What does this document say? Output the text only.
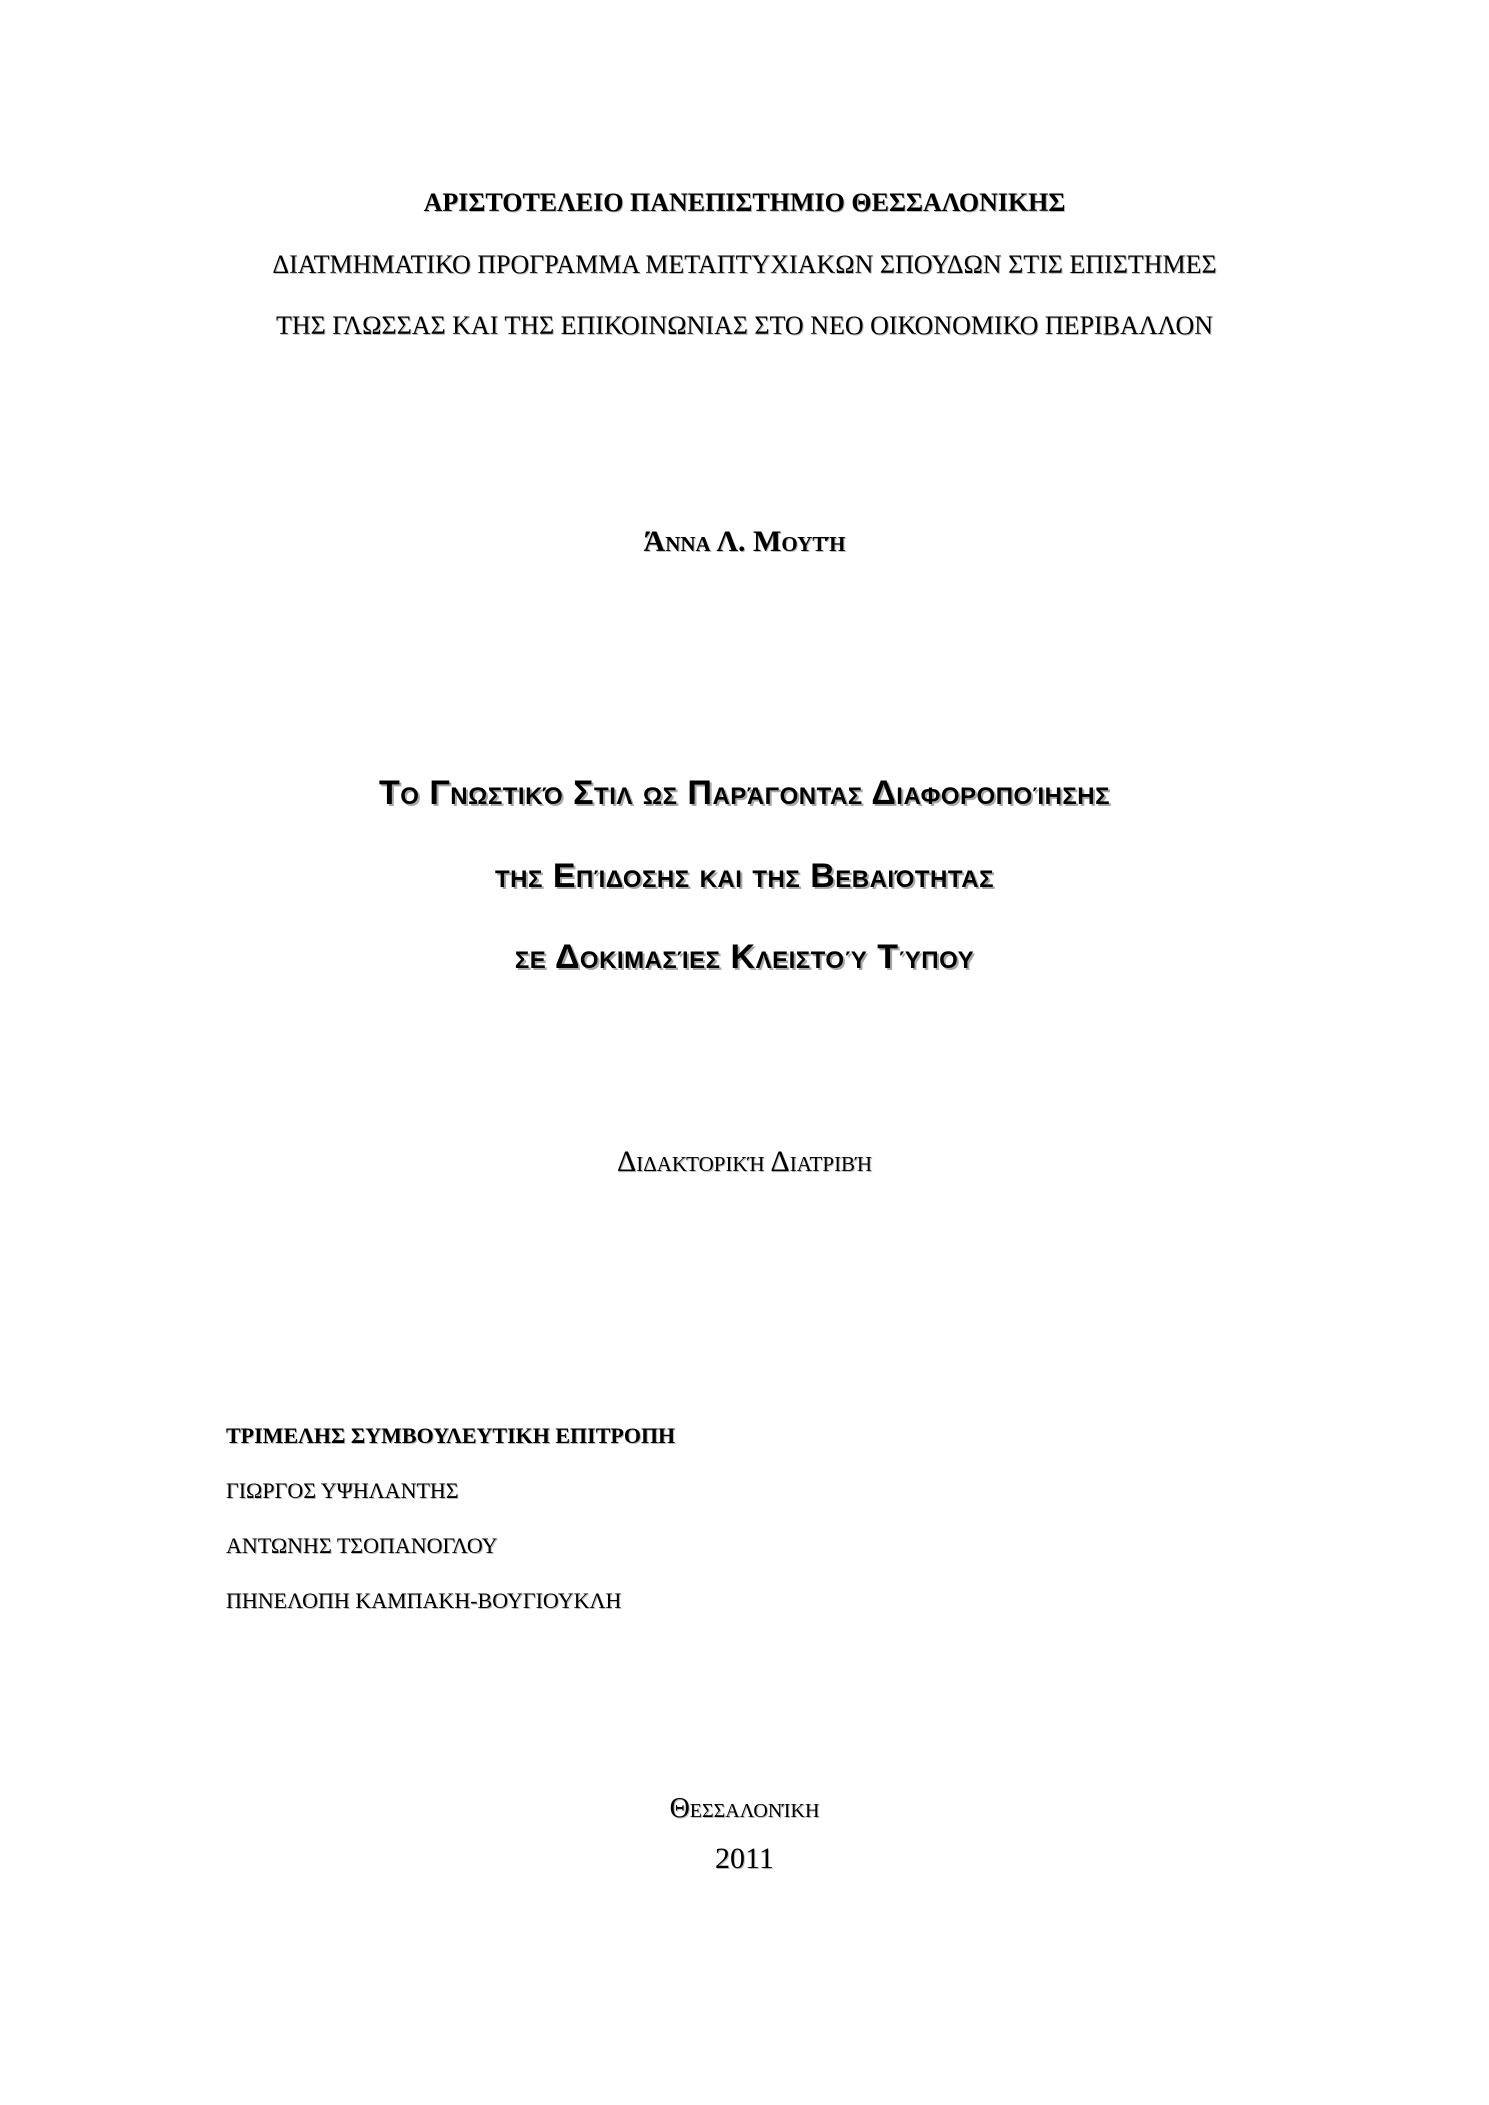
ΑΡΙΣΤΟΤΕΛΕΙΟ ΠΑΝΕΠΙΣΤΗΜΙΟ ΘΕΣΣΑΛΟΝΙΚΗΣ
ΔΙΑΤΜΗΜΑΤΙΚΟ ΠΡΟΓΡΑΜΜΑ ΜΕΤΑΠΤΥΧΙΑΚΩΝ ΣΠΟΥΔΩΝ ΣΤΙΣ ΕΠΙΣΤΗΜΕΣ
ΤΗΣ ΓΛΩΣΣΑΣ ΚΑΙ ΤΗΣ ΕΠΙΚΟΙΝΩΝΙΑΣ ΣΤΟ ΝΕΟ ΟΙΚΟΝΟΜΙΚΟ ΠΕΡΙΒΑΛΛΟΝ
Άννα Λ. Μουτή
Το Γνωστικό Στιλ ως Παράγοντας Διαφοροποίησης
της Επίδοσης και της Βεβαιότητας
σε Δοκιμασίες Κλειστού Τύπου
Διδακτορική Διατριβή
ΤΡΙΜΕΛΗΣ ΣΥΜΒΟΥΛΕΥΤΙΚΗ ΕΠΙΤΡΟΠΗ
ΓΙΩΡΓΟΣ ΥΨΗΛΑΝΤΗΣ
ΑΝΤΩΝΗΣ ΤΣΟΠΑΝΟΓΛΟΥ
ΠΗΝΕΛΟΠΗ ΚΑΜΠΑΚΗ-ΒΟΥΓΙΟΥΚΛΗ
Θεσσαλονίκη
2011
